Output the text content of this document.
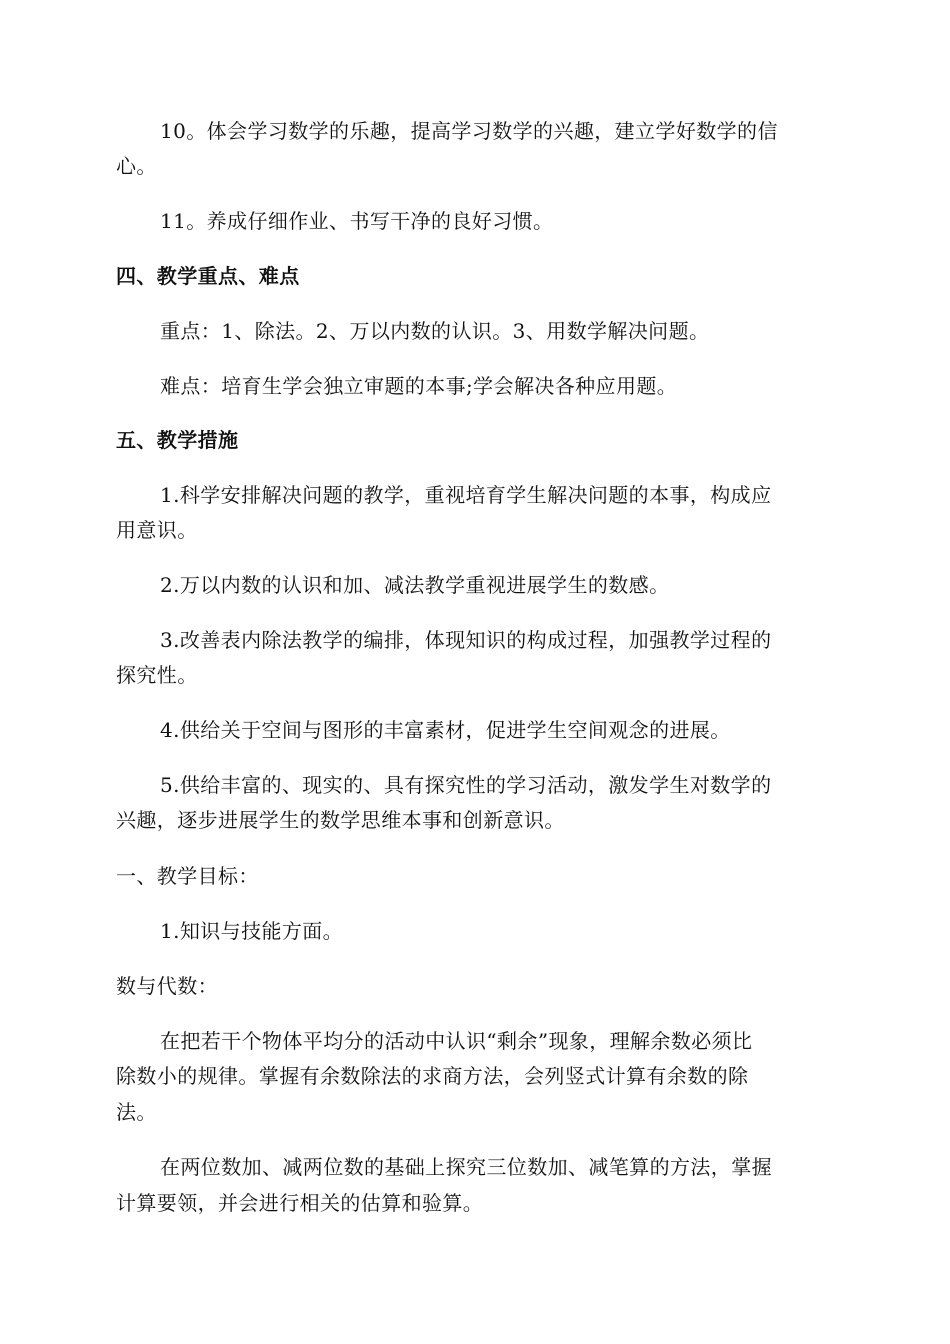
10。体会学习数学的乐趣，提高学习数学的兴趣，建立学好数学的信
心。
11。养成仔细作业、书写干净的良好习惯。
四、教学重点、难点
重点：1、除法。2、万以内数的认识。3、用数学解决问题。
难点：培育生学会独立审题的本事;学会解决各种应用题。
五、教学措施
1.科学安排解决问题的教学，重视培育学生解决问题的本事，构成应
用意识。
2.万以内数的认识和加、减法教学重视进展学生的数感。
3.改善表内除法教学的编排，体现知识的构成过程，加强教学过程的
探究性。
4.供给关于空间与图形的丰富素材，促进学生空间观念的进展。
5.供给丰富的、现实的、具有探究性的学习活动，激发学生对数学的
兴趣，逐步进展学生的数学思维本事和创新意识。
一、教学目标：
1.知识与技能方面。
数与代数：
在把若干个物体平均分的活动中认识“剩余”现象，理解余数必须比
除数小的规律。掌握有余数除法的求商方法，会列竖式计算有余数的除
法。
在两位数加、减两位数的基础上探究三位数加、减笔算的方法，掌握
计算要领，并会进行相关的估算和验算。
